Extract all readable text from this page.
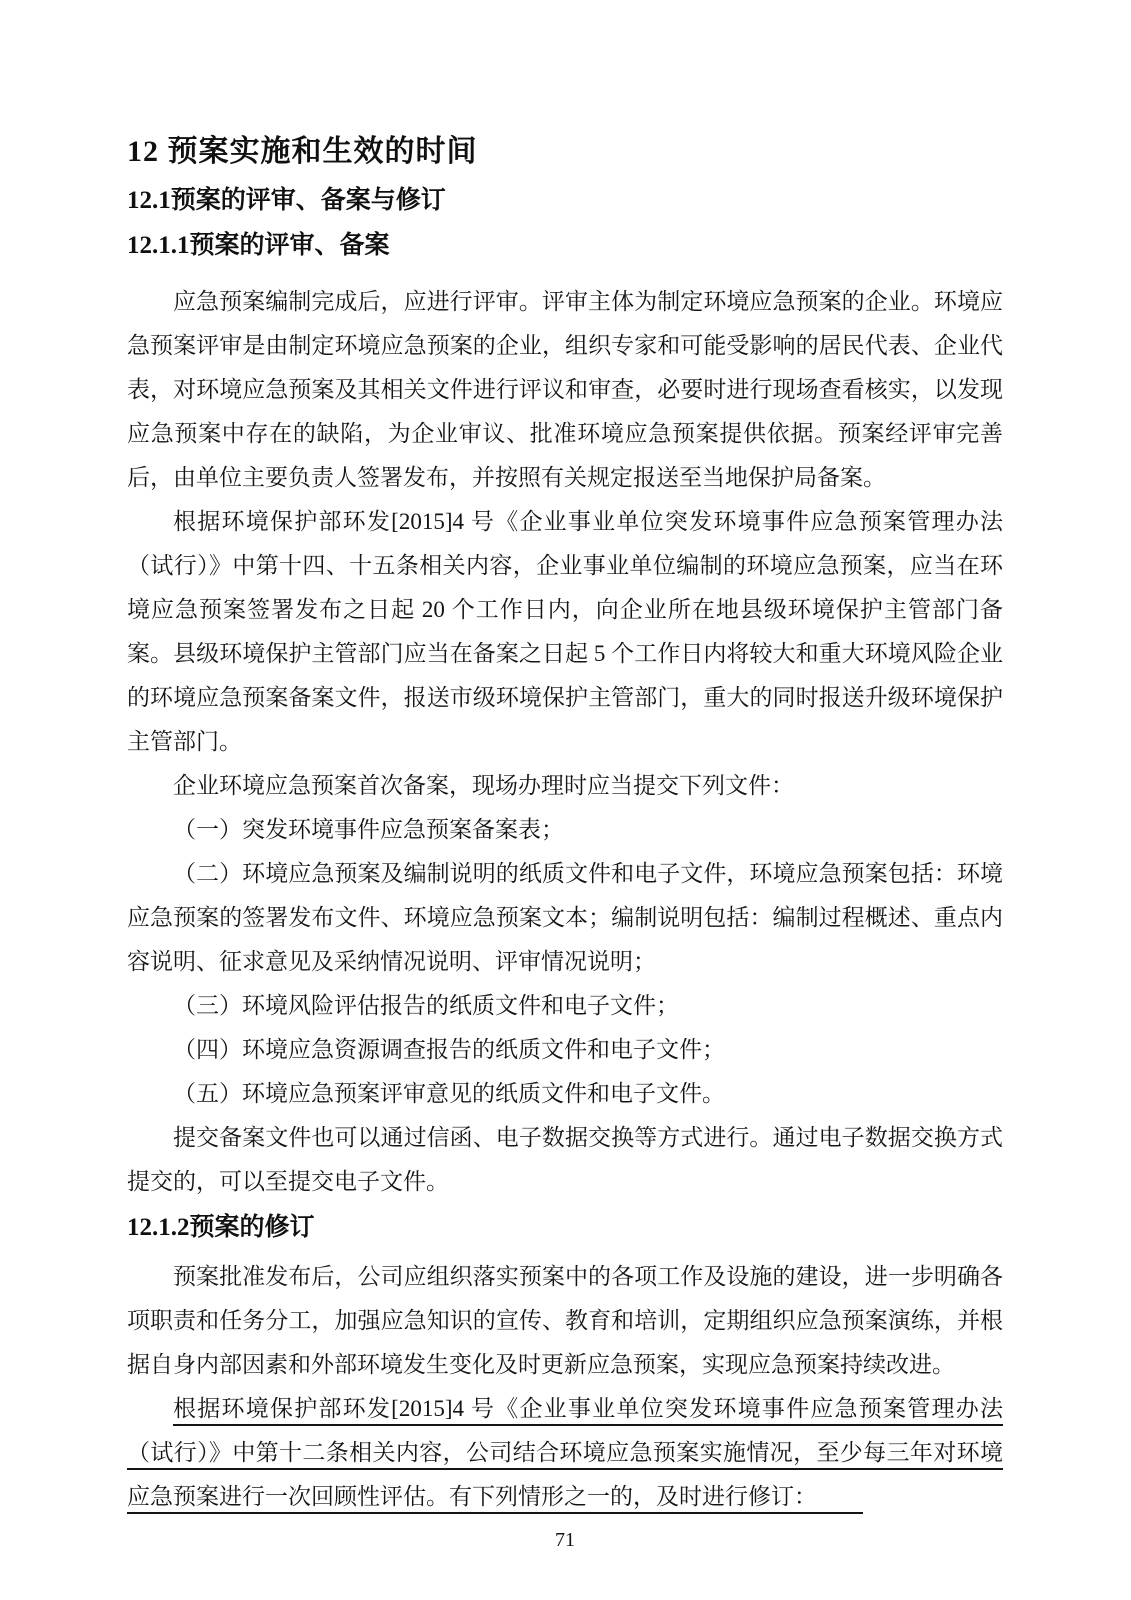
12 预案实施和生效的时间
12.1预案的评审、备案与修订
12.1.1预案的评审、备案

应急预案编制完成后，应进行评审。评审主体为制定环境应急预案的企业。环境应急预案评审是由制定环境应急预案的企业，组织专家和可能受影响的居民代表、企业代表，对环境应急预案及其相关文件进行评议和审查，必要时进行现场查看核实，以发现应急预案中存在的缺陷，为企业审议、批准环境应急预案提供依据。预案经评审完善后，由单位主要负责人签署发布，并按照有关规定报送至当地保护局备案。

根据环境保护部环发[2015]4 号《企业事业单位突发环境事件应急预案管理办法（试行）》中第十四、十五条相关内容，企业事业单位编制的环境应急预案，应当在环境应急预案签署发布之日起 20 个工作日内，向企业所在地县级环境保护主管部门备案。县级环境保护主管部门应当在备案之日起 5 个工作日内将较大和重大环境风险企业的环境应急预案备案文件，报送市级环境保护主管部门，重大的同时报送升级环境保护主管部门。

企业环境应急预案首次备案，现场办理时应当提交下列文件：

（一）突发环境事件应急预案备案表；

（二）环境应急预案及编制说明的纸质文件和电子文件，环境应急预案包括：环境应急预案的签署发布文件、环境应急预案文本；编制说明包括：编制过程概述、重点内容说明、征求意见及采纳情况说明、评审情况说明；

（三）环境风险评估报告的纸质文件和电子文件；

（四）环境应急资源调查报告的纸质文件和电子文件；

（五）环境应急预案评审意见的纸质文件和电子文件。

提交备案文件也可以通过信函、电子数据交换等方式进行。通过电子数据交换方式提交的，可以至提交电子文件。

12.1.2预案的修订

预案批准发布后，公司应组织落实预案中的各项工作及设施的建设，进一步明确各项职责和任务分工，加强应急知识的宣传、教育和培训，定期组织应急预案演练，并根据自身内部因素和外部环境发生变化及时更新应急预案，实现应急预案持续改进。

根据环境保护部环发[2015]4 号《企业事业单位突发环境事件应急预案管理办法（试行）》中第十二条相关内容，公司结合环境应急预案实施情况，至少每三年对环境应急预案进行一次回顾性评估。有下列情形之一的，及时进行修订：

71
